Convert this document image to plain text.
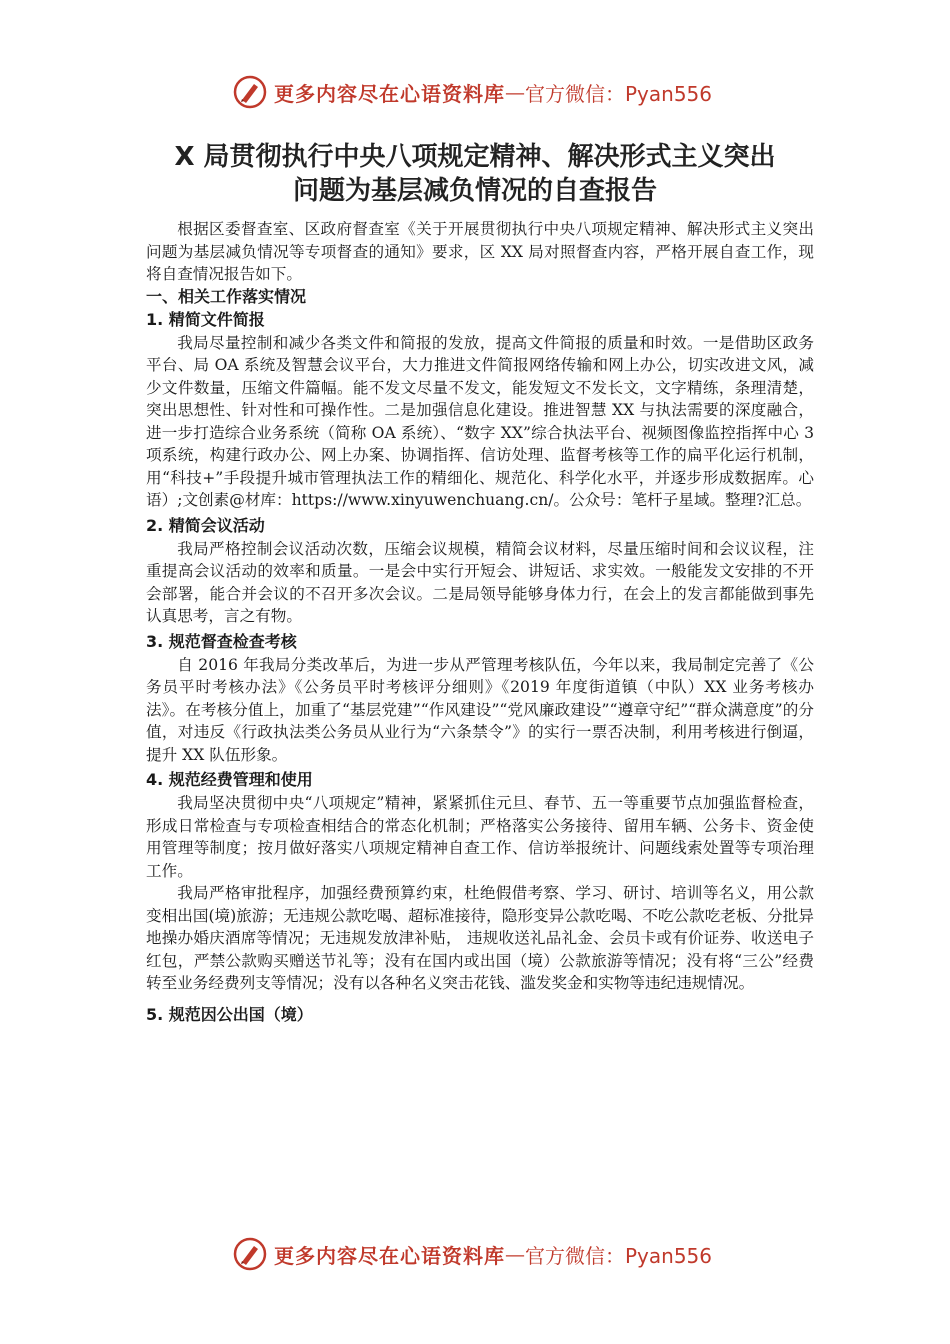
更多内容尽在心语资料库 — 官方微信：Pyan556
X 局贯彻执行中央八项规定精神、解决形式主义突出
问题为基层减负情况的自查报告

根据区委督查室、区政府督查室《关于开展贯彻执行中央八项规定精神、解决形式主义突出问题为基层减负情况等专项督查的通知》要求，区 XX 局对照督查内容，严格开展自查工作，现将自查情况报告如下。

一、相关工作落实情况

1. 精简文件简报

我局尽量控制和减少各类文件和简报的发放，提高文件简报的质量和时效。一是借助区政务平台、局 OA 系统及智慧会议平台，大力推进文件简报网络传输和网上办公，切实改进文风，减少文件数量，压缩文件篇幅。能不发文尽量不发文，能发短文不发长文，文字精练，条理清楚，突出思想性、针对性和可操作性。二是加强信息化建设。推进智慧 XX 与执法需要的深度融合，进一步打造综合业务系统（简称 OA 系统）、“数字 XX”综合执法平台、视频图像监控指挥中心 3 项系统，构建行政办公、网上办案、协调指挥、信访处理、监督考核等工作的扁平化运行机制，用“科技+”手段提升城市管理执法工作的精细化、规范化、科学化水平，并逐步形成数据库。心语）;文创素@材库：https://www.xinyuwenchuang.cn/。公众号：笔杆子星域。整理?汇总。

2. 精简会议活动

我局严格控制会议活动次数，压缩会议规模，精简会议材料，尽量压缩时间和会议议程，注重提高会议活动的效率和质量。一是会中实行开短会、讲短话、求实效。一般能发文安排的不开会部署，能合并会议的不召开多次会议。二是局领导能够身体力行，在会上的发言都能做到事先认真思考，言之有物。

3. 规范督查检查考核

自 2016 年我局分类改革后，为进一步从严管理考核队伍，今年以来，我局制定完善了《公务员平时考核办法》《公务员平时考核评分细则》《2019 年度街道镇（中队）XX 业务考核办法》。在考核分值上，加重了“基层党建”“作风建设”“党风廉政建设”“遵章守纪”“群众满意度”的分值，对违反《行政执法类公务员从业行为“六条禁令”》的实行一票否决制，利用考核进行倒逼， 提升 XX 队伍形象。

4. 规范经费管理和使用

我局坚决贯彻中央“八项规定”精神，紧紧抓住元旦、春节、五一等重要节点加强监督检查，形成日常检查与专项检查相结合的常态化机制；严格落实公务接待、留用车辆、公务卡、资金使用管理等制度；按月做好落实八项规定精神自查工作、信访举报统计、问题线索处置等专项治理工作。

我局严格审批程序，加强经费预算约束，杜绝假借考察、学习、研讨、培训等名义，用公款变相出国(境)旅游；无违规公款吃喝、超标准接待，隐形变异公款吃喝、不吃公款吃老板、分批异地操办婚庆酒席等情况；无违规发放津补贴， 违规收送礼品礼金、会员卡或有价证券、收送电子红包，严禁公款购买赠送节礼等；没有在国内或出国（境）公款旅游等情况；没有将“三公”经费转至业务经费列支等情况；没有以各种名义突击花钱、滥发奖金和实物等违纪违规情况。

5. 规范因公出国（境）

更多内容尽在心语资料库 — 官方微信：Pyan556
